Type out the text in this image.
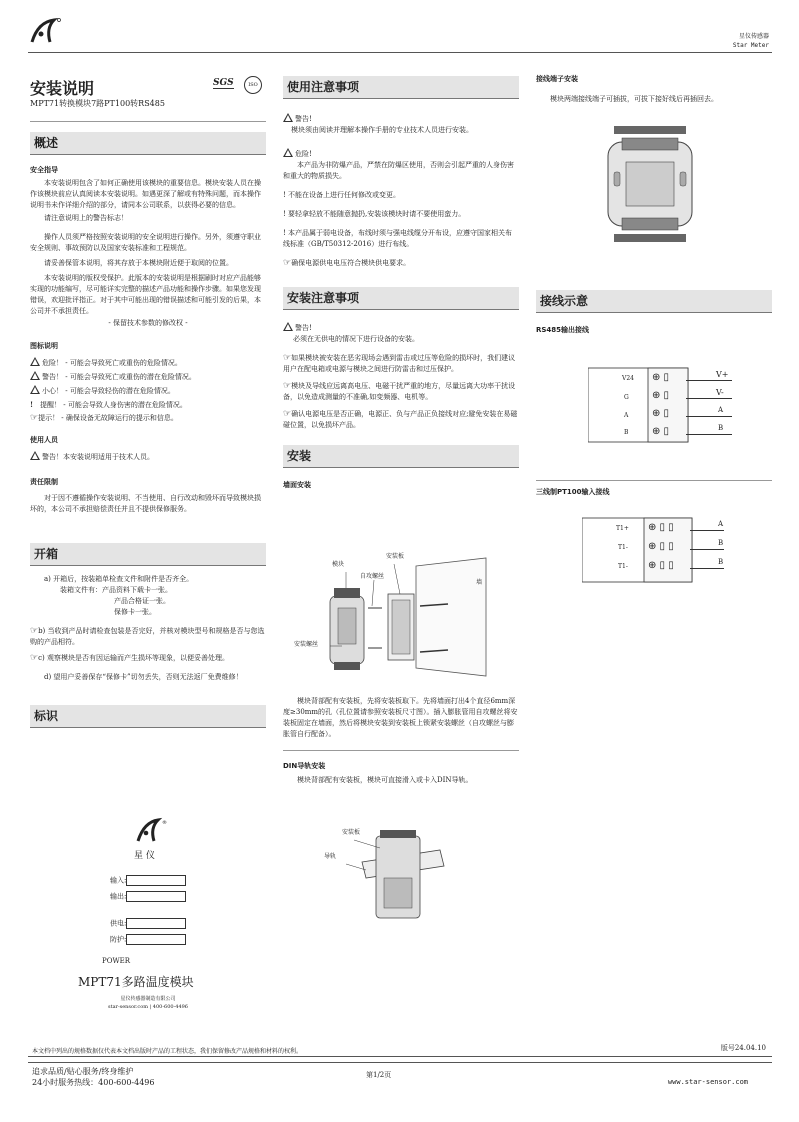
星仪传感器
Star Meter
安装说明	SGS	ISO
MPT71转换模块7路PT100转RS485
概述
安全指导

本安装说明包含了如何正确使用该模块的重要信息。模块安装人员在操作该模块前应认真阅读本安装说明。如遇更深了解或有特殊问题，而本操作说明书未作详细介绍的部分，请同本公司联系，以获得必要的信息。

请注意说明上的警告标志！

操作人员须严格按照安装说明的安全说明进行操作。另外，须遵守职业安全规则、事故预防以及国家安装标准和工程规范。

请妥善保管本说明，将其存放于本模块附近便于取阅的位置。

本安装说明的版权受保护。此版本的安装说明是根据刷时对应产品能够实现的功能编写，尽可能详实完整的描述产品功能和操作步骤。如果您发现错误，欢迎批评指正。对于其中可能出现的错误描述和可能引发的后果，本公司并不承担责任。

- 保留技术参数的修改权 -

图标说明
危险！ - 可能会导致死亡或重伤的危险情况。
警告！ - 可能会导致死亡或重伤的潜在危险情况。
小心！ - 可能会导致轻伤的潜在危险情况。
! 提醒！ - 可能会导致人身伤害的潜在危险情况。
☞提示！ - 确保设备无故障运行的提示和信息。
使用人员
警告！本安装说明适用于技术人员。
责任限制

对于因不遵循操作安装说明、不当使用、自行改动和毁坏而导致模块损坏的，本公司不承担赔偿责任并且不提供保修服务。

开箱

a) 开箱后，按装箱单检查文件和附件是否齐全。

装箱文件有：产品资料下载卡一张。

产品合格证一张。

保修卡一张。

☞b) 当收到产品时请检查包装是否完好，并核对模块型号和规格是否与您选购的产品相符。

☞c) 观察模块是否有因运输而产生损坏等现象，以便妥善处理。

d) 望用户妥善保存“保修卡”切勿丢失，否则无法返厂免费维修！

标识
®
星 仪
输入:
输出:
供电:
防护:
POWER
MPT71多路温度模块
星仪传感器制造有限公司
star-sensor.com | 400-600-4496
使用注意事项
警告!

模块须由阅读并理解本操作手册的专业技术人员进行安装。

危险!

本产品为非防爆产品，严禁在防爆区使用，否则会引起严重的人身伤害和重大的物质损失。

! 不能在设备上进行任何修改或变更。

! 要轻拿轻放不能随意抛扔,安装该模块时请不要使用蛮力。

! 本产品属于弱电设备，布线时须与强电线缆分开布设，应遵守国家相关布线标准（GB/T50312-2016）进行布线。

☞确保电源供电电压符合模块供电要求。

安装注意事项
警告!

必须在无供电的情况下进行设备的安装。

☞如果模块被安装在恶劣现场会遇到雷击或过压等危险的损坏时，我们建议用户在配电箱或电源与模块之间进行防雷击和过压保护。

☞模块及导线应远离高电压、电磁干扰严重的地方，尽量远离大功率干扰设备，以免造成测量的不准确,如变频器、电机等。

☞确认电源电压是否正确，电源正、负与产品正负接线对应;避免安装在易磁碰位置，以免损坏产品。

安装
墙面安装
模块
安装板
自攻螺丝
安装螺丝
墙

模块背部配有安装板，先将安装板取下。先将墙面打出4个直径6mm深度≥30mm的孔（孔位置请参照安装板尺寸图）。插入膨胀管用自攻螺丝将安装板固定在墙面，然后将模块安装到安装板上锁紧安装螺丝（自攻螺丝与膨胀管自行配备）。

DIN导轨安装

模块背部配有安装板，模块可直接滑入或卡入DIN导轨。

安装板
导轨
接线端子安装

模块两端接线端子可插拔，可拔下接好线后再插回去。

接线示意
RS485输出接线
V24
G
A
B
⊕ ▯
⊕ ▯
⊕ ▯
⊕ ▯
V+
V-
A
B
三线制PT100输入接线
T1+
T1-
T1-
⊕ ▯ ▯
⊕ ▯ ▯
⊕ ▯ ▯
A
B
B
版号24.04.10
本文档中列出的规格数据仅代表本文档出版时产品的工程状态，我们保留修改产品规格和材料的权利。
追求品质/贴心服务/终身维护
24小时服务热线：400-600-4496
第1/2页
www.star-sensor.com
